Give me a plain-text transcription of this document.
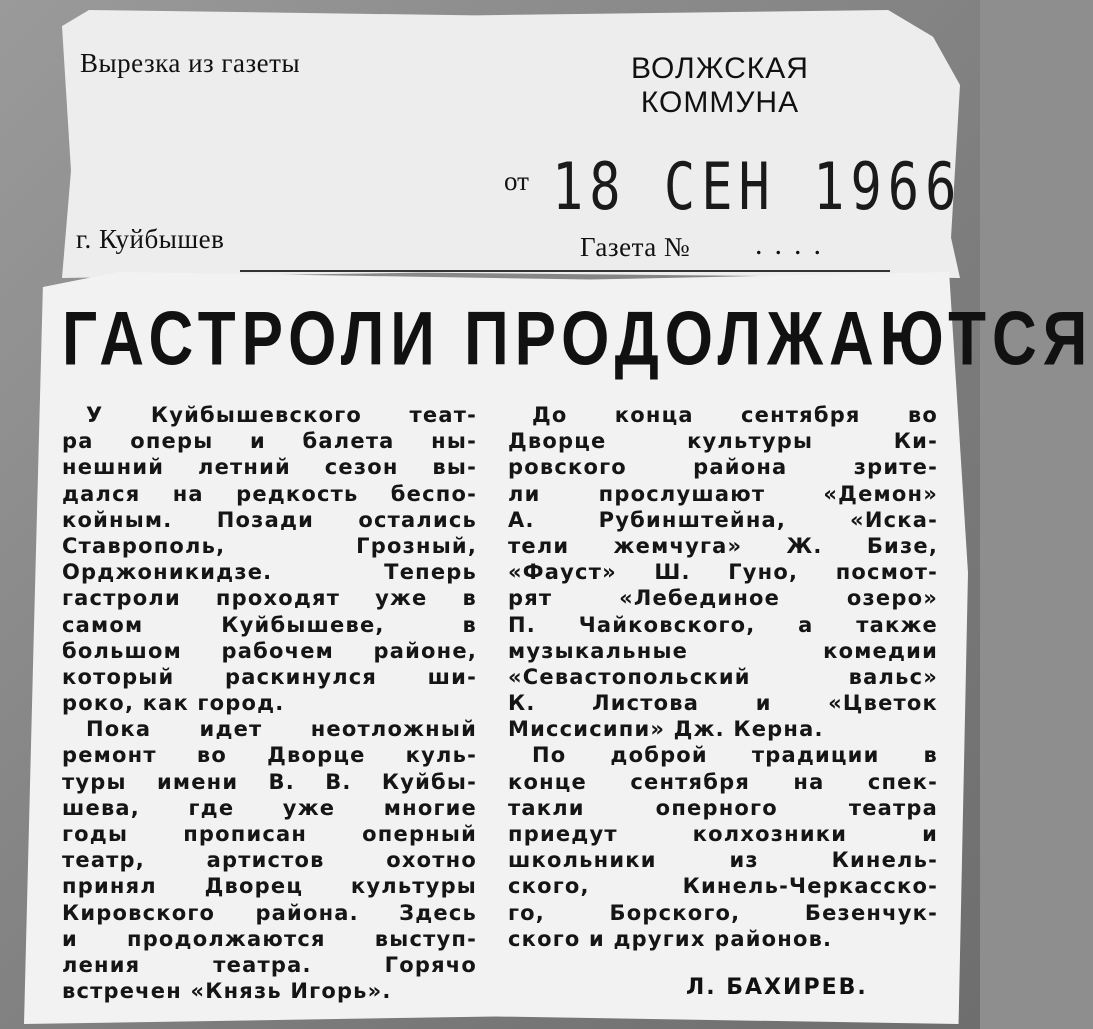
Вырезка из газеты	ВОЛЖСКАЯ
КОММУНА
от 18 СЕН 1966
г. Куйбышев	Газета № ....
ГАСТРОЛИ ПРОДОЛЖАЮТСЯ
У Куйбышевского теат-
ра оперы и балета ны-
нешний летний сезон вы-
дался на редкость беспо-
койным. Позади остались
Ставрополь, Грозный,
Орджоникидзе. Теперь
гастроли проходят уже в
самом Куйбышеве, в
большом рабочем районе,
который раскинулся ши-
роко, как город.
Пока идет неотложный
ремонт во Дворце куль-
туры имени В. В. Куйбы-
шева, где уже многие
годы прописан оперный
театр, артистов охотно
принял Дворец культуры
Кировского района. Здесь
и продолжаются выступ-
ления театра. Горячо
встречен «Князь Игорь».
До конца сентября во
Дворце культуры Ки-
ровского района зрите-
ли прослушают «Демон»
А. Рубинштейна, «Иска-
тели жемчуга» Ж. Бизе,
«Фауст» Ш. Гуно, посмот-
рят «Лебединое озеро»
П. Чайковского, а также
музыкальные комедии
«Севастопольский вальс»
К. Листова и «Цветок
Миссисипи» Дж. Керна.
По доброй традиции в
конце сентября на спек-
такли оперного театра
приедут колхозники и
школьники из Кинель-
ского, Кинель-Черкасско-
го, Борского, Безенчук-
ского и других районов.
Л. БАХИРЕВ.
